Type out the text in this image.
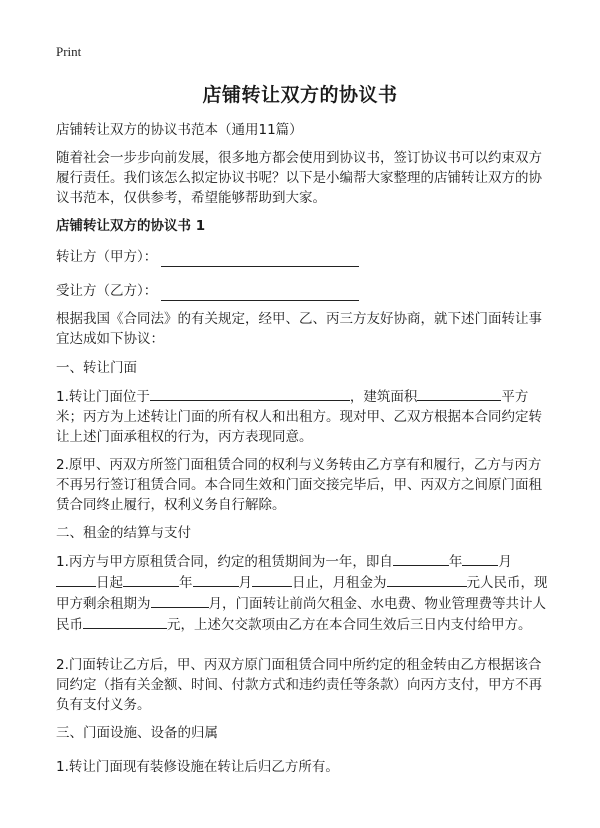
Print
店铺转让双方的协议书

店铺转让双方的协议书范本（通用11篇）

随着社会一步步向前发展，很多地方都会使用到协议书，签订协议书可以约束双方履行责任。我们该怎么拟定协议书呢？以下是小编帮大家整理的店铺转让双方的协议书范本，仅供参考，希望能够帮助到大家。

店铺转让双方的协议书 1

转让方（甲方）：
受让方（乙方）：

根据我国《合同法》的有关规定，经甲、乙、丙三方友好协商，就下述门面转让事宜达成如下协议：

一、转让门面

1.转让门面位于	，建筑面积	平方米；丙方为上述转让门面的所有权人和出租方。现对甲、乙双方根据本合同约定转让上述门面承租权的行为，丙方表现同意。

2.原甲、丙双方所签门面租赁合同的权利与义务转由乙方享有和履行，乙方与丙方不再另行签订租赁合同。本合同生效和门面交接完毕后，甲、丙双方之间原门面租赁合同终止履行，权利义务自行解除。

二、租金的结算与支付

1.丙方与甲方原租赁合同，约定的租赁期间为一年，即自	年	月日起	年	月	日止，月租金为	元人民币，现甲方剩余租期为	月，门面转让前尚欠租金、水电费、物业管理费等共计人民币	元，上述欠交款项由乙方在本合同生效后三日内支付给甲方。

2.门面转让乙方后，甲、丙双方原门面租赁合同中所约定的租金转由乙方根据该合同约定（指有关金额、时间、付款方式和违约责任等条款）向丙方支付，甲方不再负有支付义务。

三、门面设施、设备的归属

1.转让门面现有装修设施在转让后归乙方所有。
